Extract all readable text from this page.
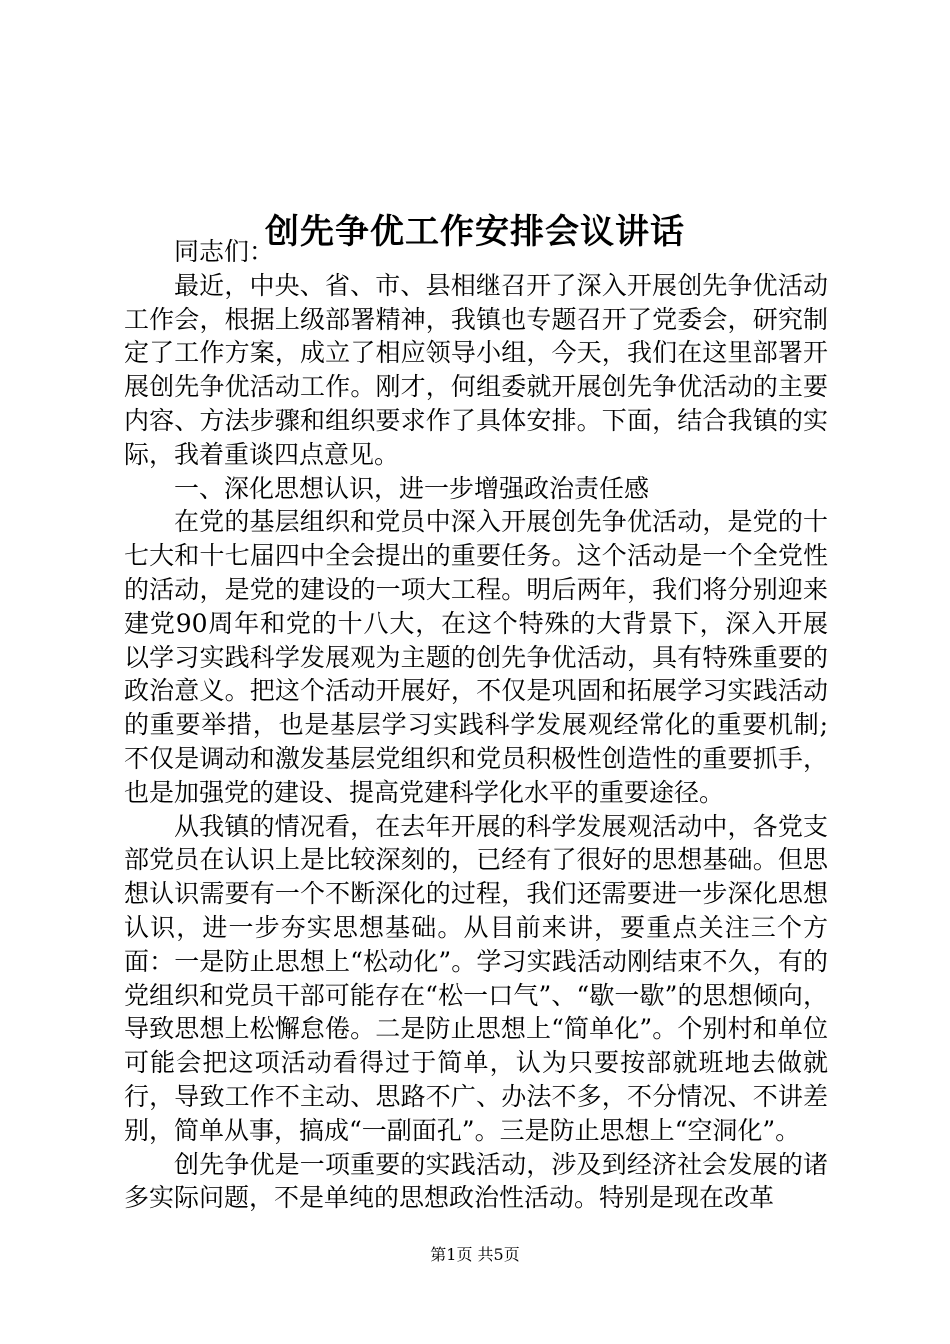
创先争优工作安排会议讲话

同志们：

最近，中央、省、市、县相继召开了深入开展创先争优活动工作会，根据上级部署精神，我镇也专题召开了党委会，研究制定了工作方案，成立了相应领导小组，今天，我们在这里部署开展创先争优活动工作。刚才，何组委就开展创先争优活动的主要内容、方法步骤和组织要求作了具体安排。下面，结合我镇的实际，我着重谈四点意见。

一、深化思想认识，进一步增强政治责任感

在党的基层组织和党员中深入开展创先争优活动，是党的十七大和十七届四中全会提出的重要任务。这个活动是一个全党性的活动，是党的建设的一项大工程。明后两年，我们将分别迎来建党90周年和党的十八大，在这个特殊的大背景下，深入开展以学习实践科学发展观为主题的创先争优活动，具有特殊重要的政治意义。把这个活动开展好，不仅是巩固和拓展学习实践活动的重要举措，也是基层学习实践科学发展观经常化的重要机制;不仅是调动和激发基层党组织和党员积极性创造性的重要抓手，也是加强党的建设、提高党建科学化水平的重要途径。

从我镇的情况看，在去年开展的科学发展观活动中，各党支部党员在认识上是比较深刻的，已经有了很好的思想基础。但思想认识需要有一个不断深化的过程，我们还需要进一步深化思想认识，进一步夯实思想基础。从目前来讲，要重点关注三个方面：一是防止思想上“松动化”。学习实践活动刚结束不久，有的党组织和党员干部可能存在“松一口气”、“歇一歇”的思想倾向，导致思想上松懈怠倦。二是防止思想上“简单化”。个别村和单位可能会把这项活动看得过于简单，认为只要按部就班地去做就行，导致工作不主动、思路不广、办法不多，不分情况、不讲差别，简单从事，搞成“一副面孔”。三是防止思想上“空洞化”。

创先争优是一项重要的实践活动，涉及到经济社会发展的诸多实际问题，不是单纯的思想政治性活动。特别是现在改革

第1页 共5页
